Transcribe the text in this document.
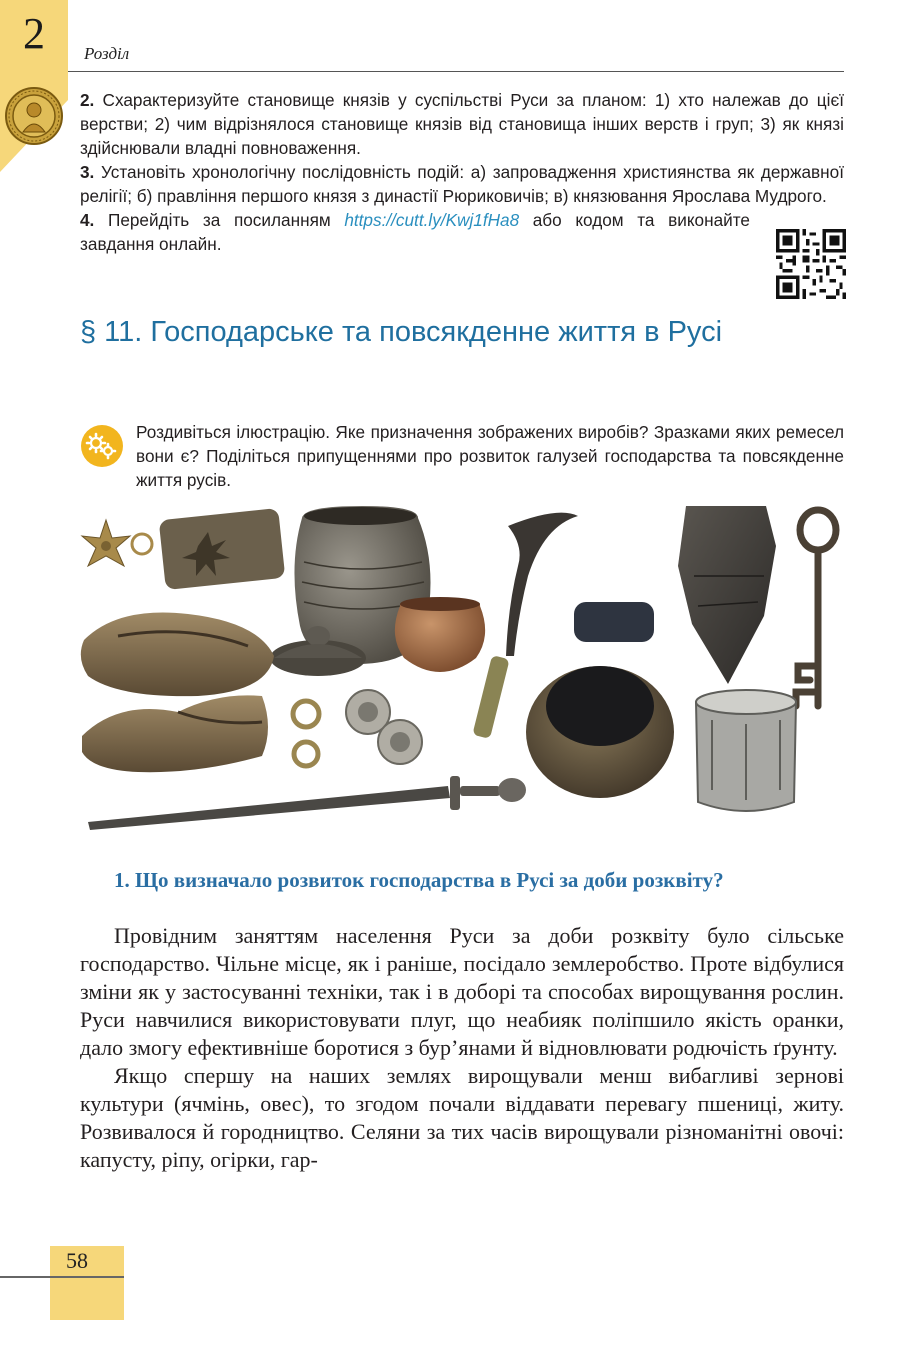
2	Розділ

2. Схарактеризуйте становище князів у суспільстві Руси за планом: 1) хто належав до цієї верстви; 2) чим відрізнялося становище князів від становища інших верств і груп; 3) як князі здійснювали владні повноваження.

3. Установіть хронологічну послідовність подій: а) запровадження християнства як державної релігії; б) правління першого князя з династії Рюриковичів; в) князювання Ярослава Мудрого.

4. Перейдіть за посиланням https://cutt.ly/Kwj1fHa8 або кодом та виконайте завдання онлайн.

§ 11. Господарське та повсякденне життя в Русі
Роздивіться ілюстрацію. Яке призначення зображених виробів? Зразками яких ремесел вони є? Поділіться припущеннями про розвиток галузей господарства та повсякденне життя русів.
1. Що визначало розвиток господарства в Русі за доби розквіту?

Провідним заняттям населення Руси за доби розквіту було сільське господарство. Чільне місце, як і раніше, посідало землеробство. Проте відбулися зміни як у застосуванні техніки, так і в доборі та способах вирощування рослин. Руси навчилися використовувати плуг, що неабияк поліпшило якість оранки, дало змогу ефективніше боротися з бур’янами й відновлювати родючість ґрунту.

Якщо спершу на наших землях вирощували менш вибагливі зернові культури (ячмінь, овес), то згодом почали віддавати перевагу пшениці, житу. Розвивалося й городництво. Селяни за тих часів вирощували різноманітні овочі: капусту, ріпу, огірки, гар-

58
